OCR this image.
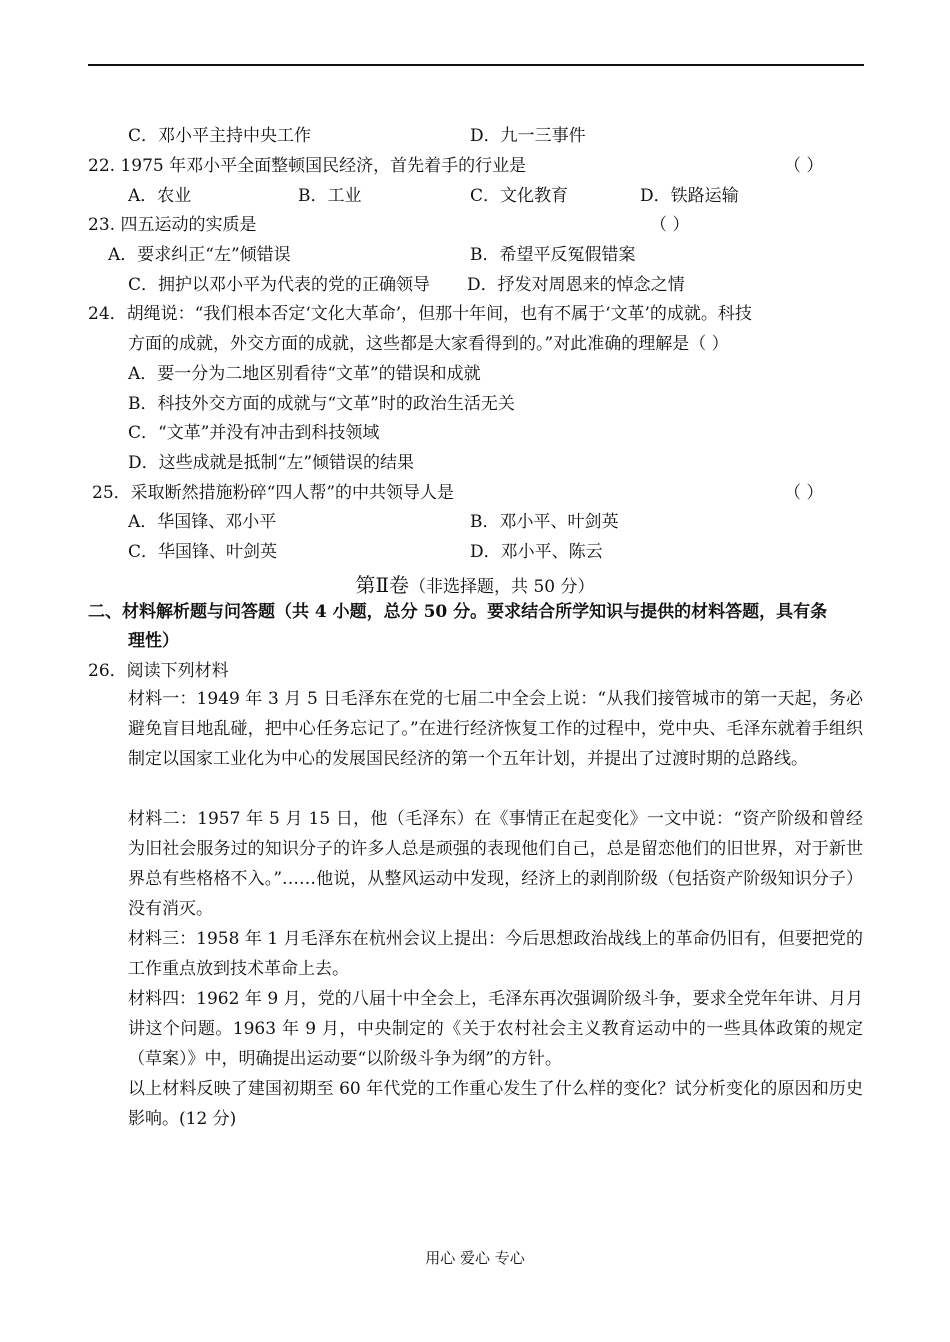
C．邓小平主持中央工作	D．九一三事件
22. 1975 年邓小平全面整顿国民经济，首先着手的行业是	（ ）
A．农业	B．工业	C．文化教育	D．铁路运输
23. 四五运动的实质是	（ ）
A．要求纠正“左”倾错误	B．希望平反冤假错案
C．拥护以邓小平为代表的党的正确领导 D．抒发对周恩来的悼念之情
24．胡绳说：“我们根本否定‘文化大革命’，但那十年间，也有不属于‘文革’的成就。科技
方面的成就，外交方面的成就，这些都是大家看得到的。”对此准确的理解是（ ）
A．要一分为二地区别看待“文革”的错误和成就
B．科技外交方面的成就与“文革”时的政治生活无关
C．“文革”并没有冲击到科技领域
D．这些成就是抵制“左”倾错误的结果
25．采取断然措施粉碎“四人帮”的中共领导人是	（ ）
A．华国锋、邓小平	B．邓小平、叶剑英
C．华国锋、叶剑英	D．邓小平、陈云
第Ⅱ卷（非选择题，共 50 分）
二、材料解析题与问答题（共 4 小题，总分 50 分。要求结合所学知识与提供的材料答题，具有条
理性）
26．阅读下列材料
材料一：1949 年 3 月 5 日毛泽东在党的七届二中全会上说：“从我们接管城市的第一天起，务必避免盲目地乱碰，把中心任务忘记了。”在进行经济恢复工作的过程中，党中央、毛泽东就着手组织制定以国家工业化为中心的发展国民经济的第一个五年计划，并提出了过渡时期的总路线。
材料二：1957 年 5 月 15 日，他（毛泽东）在《事情正在起变化》一文中说：“资产阶级和曾经为旧社会服务过的知识分子的许多人总是顽强的表现他们自己，总是留恋他们的旧世界，对于新世界总有些格格不入。”……他说，从整风运动中发现，经济上的剥削阶级（包括资产阶级知识分子）没有消灭。
材料三：1958 年 1 月毛泽东在杭州会议上提出：今后思想政治战线上的革命仍旧有，但要把党的工作重点放到技术革命上去。
材料四：1962 年 9 月，党的八届十中全会上，毛泽东再次强调阶级斗争，要求全党年年讲、月月讲这个问题。1963 年 9 月，中央制定的《关于农村社会主义教育运动中的一些具体政策的规定（草案）》中，明确提出运动要“以阶级斗争为纲”的方针。
以上材料反映了建国初期至 60 年代党的工作重心发生了什么样的变化？试分析变化的原因和历史影响。(12 分)
用心 爱心 专心
